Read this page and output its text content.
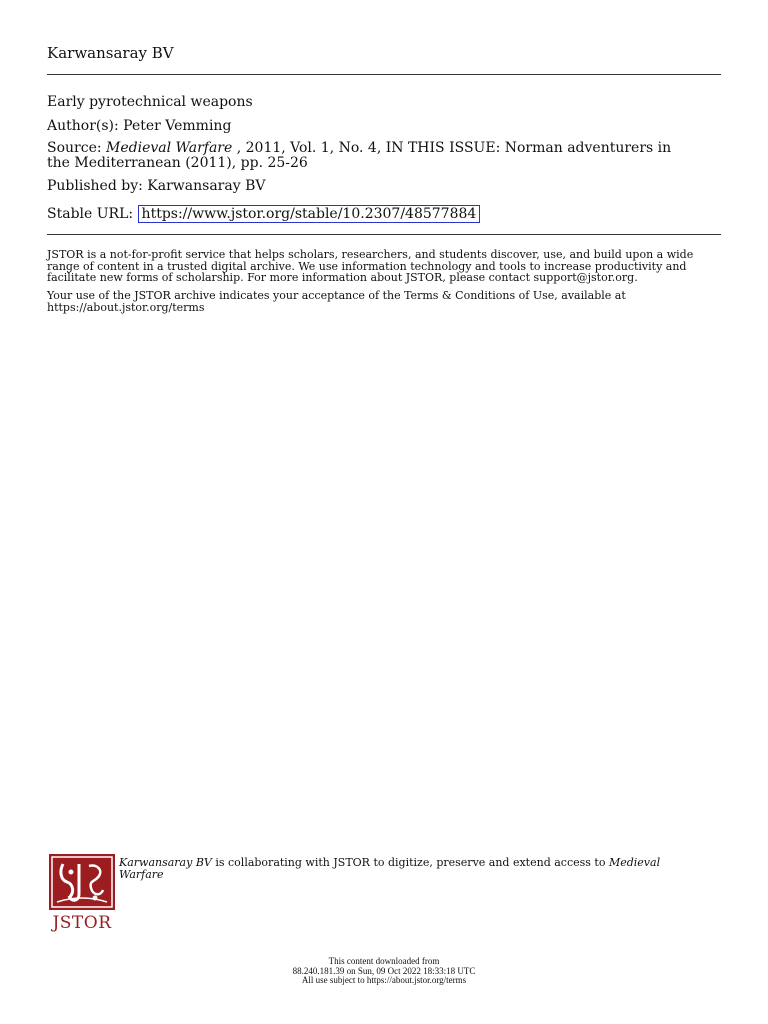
Karwansaray BV
Early pyrotechnical weapons
Author(s): Peter Vemming
Source: Medieval Warfare , 2011, Vol. 1, No. 4, IN THIS ISSUE: Norman adventurers in
the Mediterranean (2011), pp. 25-26
Published by: Karwansaray BV
Stable URL: https://www.jstor.org/stable/10.2307/48577884
JSTOR is a not-for-profit service that helps scholars, researchers, and students discover, use, and build upon a wide
range of content in a trusted digital archive. We use information technology and tools to increase productivity and
facilitate new forms of scholarship. For more information about JSTOR, please contact support@jstor.org.
Your use of the JSTOR archive indicates your acceptance of the Terms & Conditions of Use, available at
https://about.jstor.org/terms
JSTOR
Karwansaray BV is collaborating with JSTOR to digitize, preserve and extend access to Medieval
Warfare
This content downloaded from
88.240.181.39 on Sun, 09 Oct 2022 18:33:18 UTC
All use subject to https://about.jstor.org/terms
